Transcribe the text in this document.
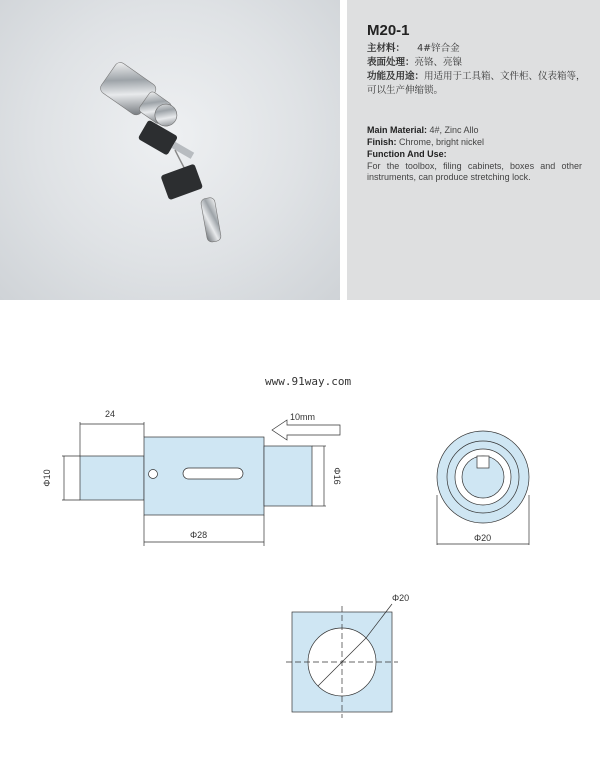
M20-1
主材料： 4#锌合金
表面处理：亮铬、亮镍
功能及用途：用适用于工具箱、文件柜、仪表箱等，可以生产伸缩锁。
Main Material: 4#, Zinc Allo
Finish: Chrome, bright nickel
Function And Use:
For the toolbox, filing cabinets, boxes and other instruments, can produce stretching lock.
www.91way.com
24	10mm
Φ10	Φ16
Φ28	Φ20
Φ20
